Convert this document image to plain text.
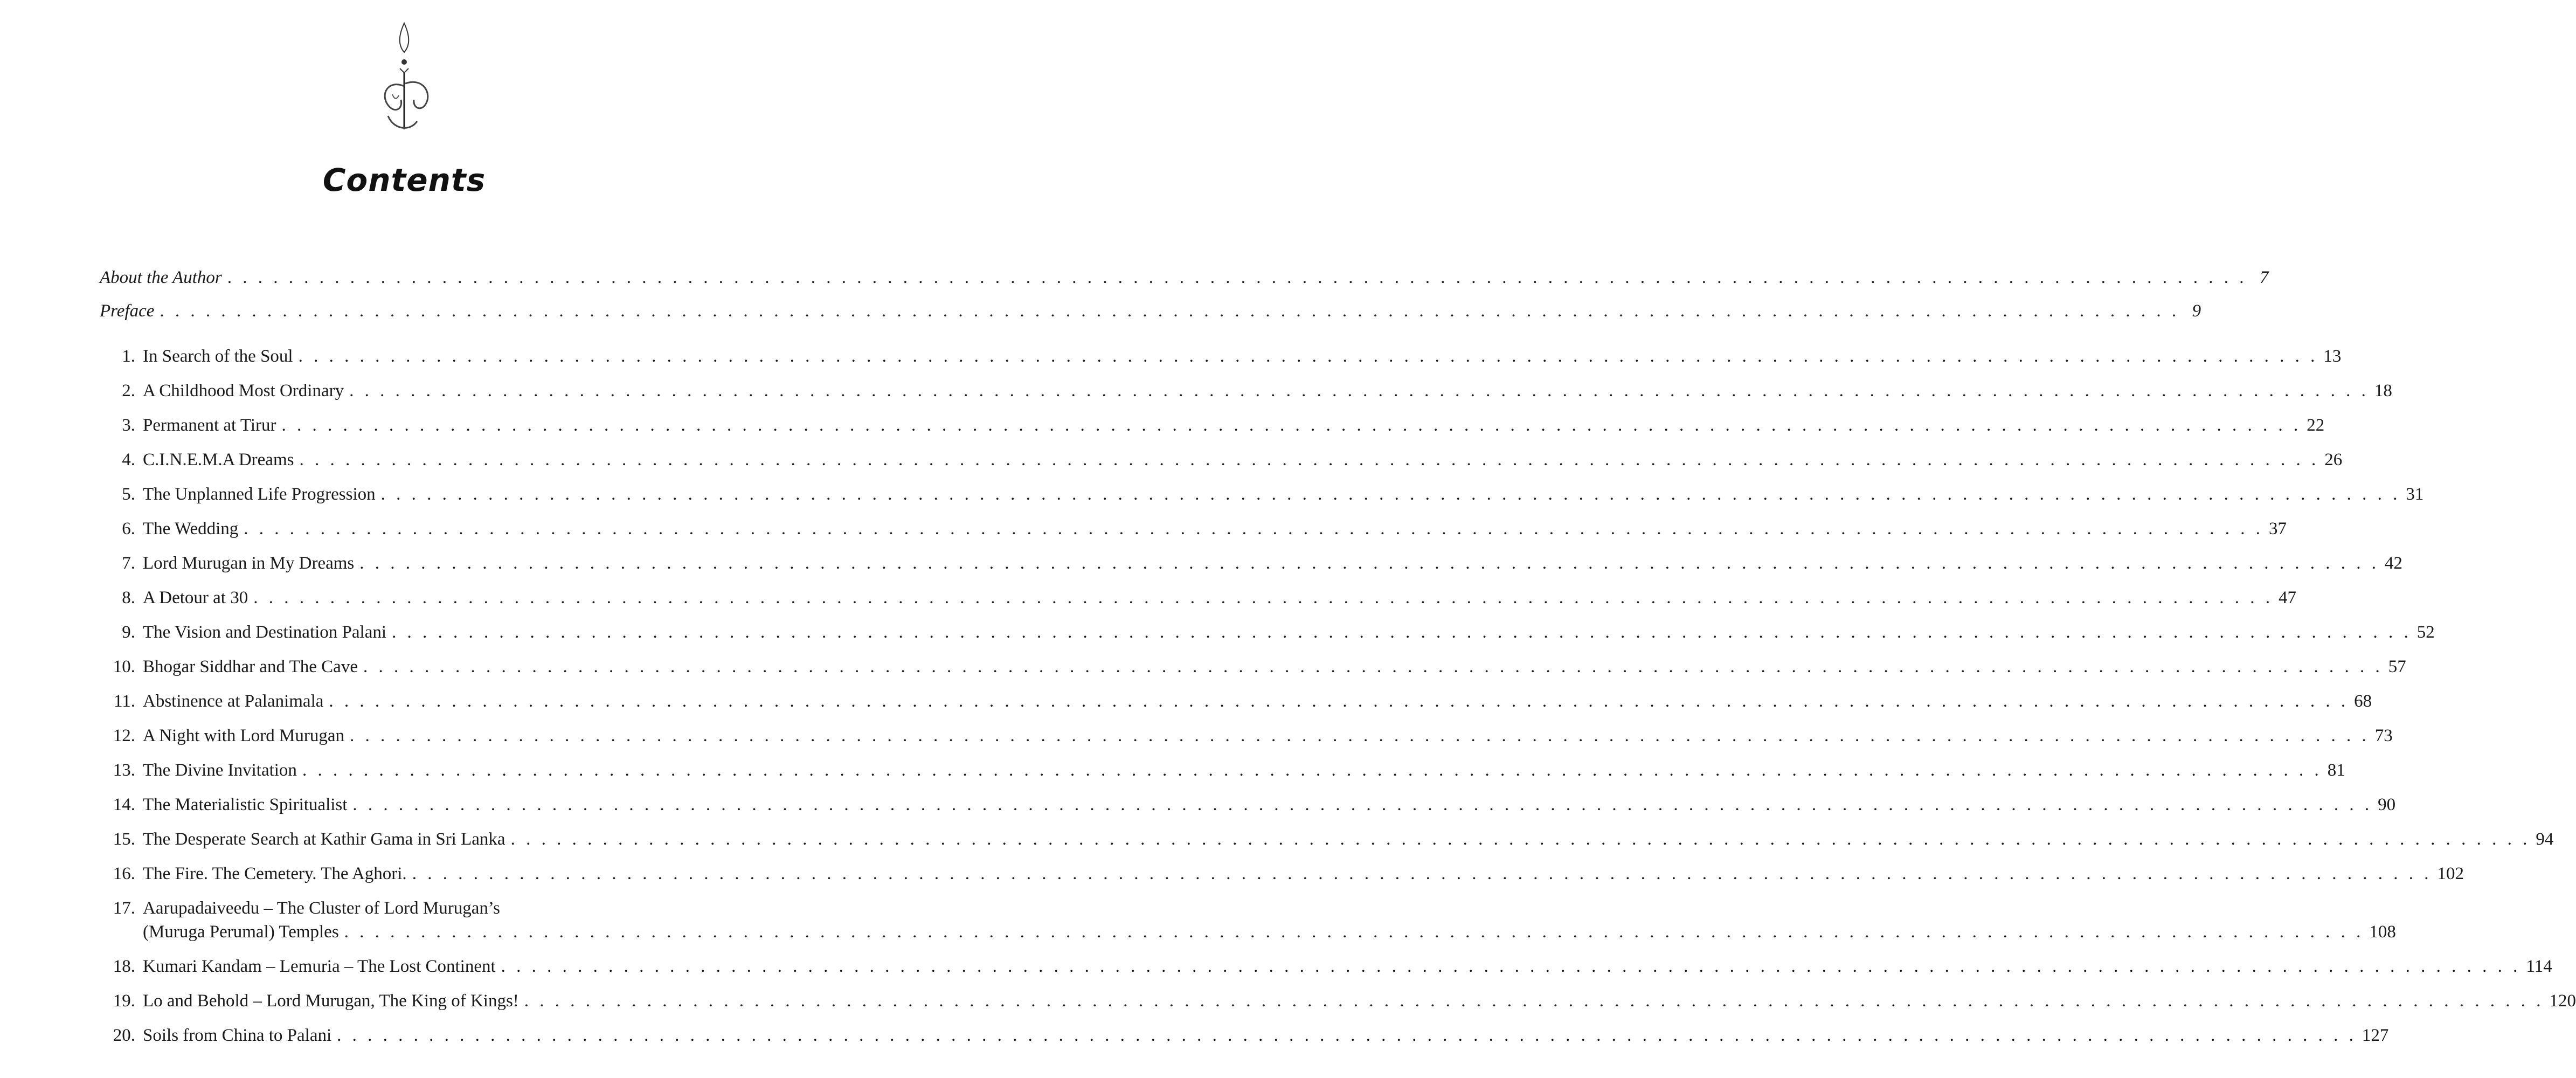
Contents
About the Author . . .	7
Preface . . .	9
1. In Search of the Soul . . .	13
2. A Childhood Most Ordinary . . .	18
3. Permanent at Tirur . . .	22
4. C.I.N.E.M.A Dreams . . .	26
5. The Unplanned Life Progression . . .	31
6. The Wedding . . .	37
7. Lord Murugan in My Dreams . . .	42
8. A Detour at 30 . . .	47
9. The Vision and Destination Palani . . .	52
10. Bhogar Siddhar and The Cave . . .	57
11. Abstinence at Palanimala . . .	68
12. A Night with Lord Murugan . . .	73
13. The Divine Invitation . . .	81
14. The Materialistic Spiritualist . . .	90
15. The Desperate Search at Kathir Gama in Sri Lanka . . .	94
16. The Fire. The Cemetery. The Aghori. . . .	102
17. Aarupadaiveedu – The Cluster of Lord Murugan’s
(Muruga Perumal) Temples . . .	108
18. Kumari Kandam – Lemuria – The Lost Continent . . .	114
19. Lo and Behold – Lord Murugan, The King of Kings! . . .	120
20. Soils from China to Palani . . .	127
